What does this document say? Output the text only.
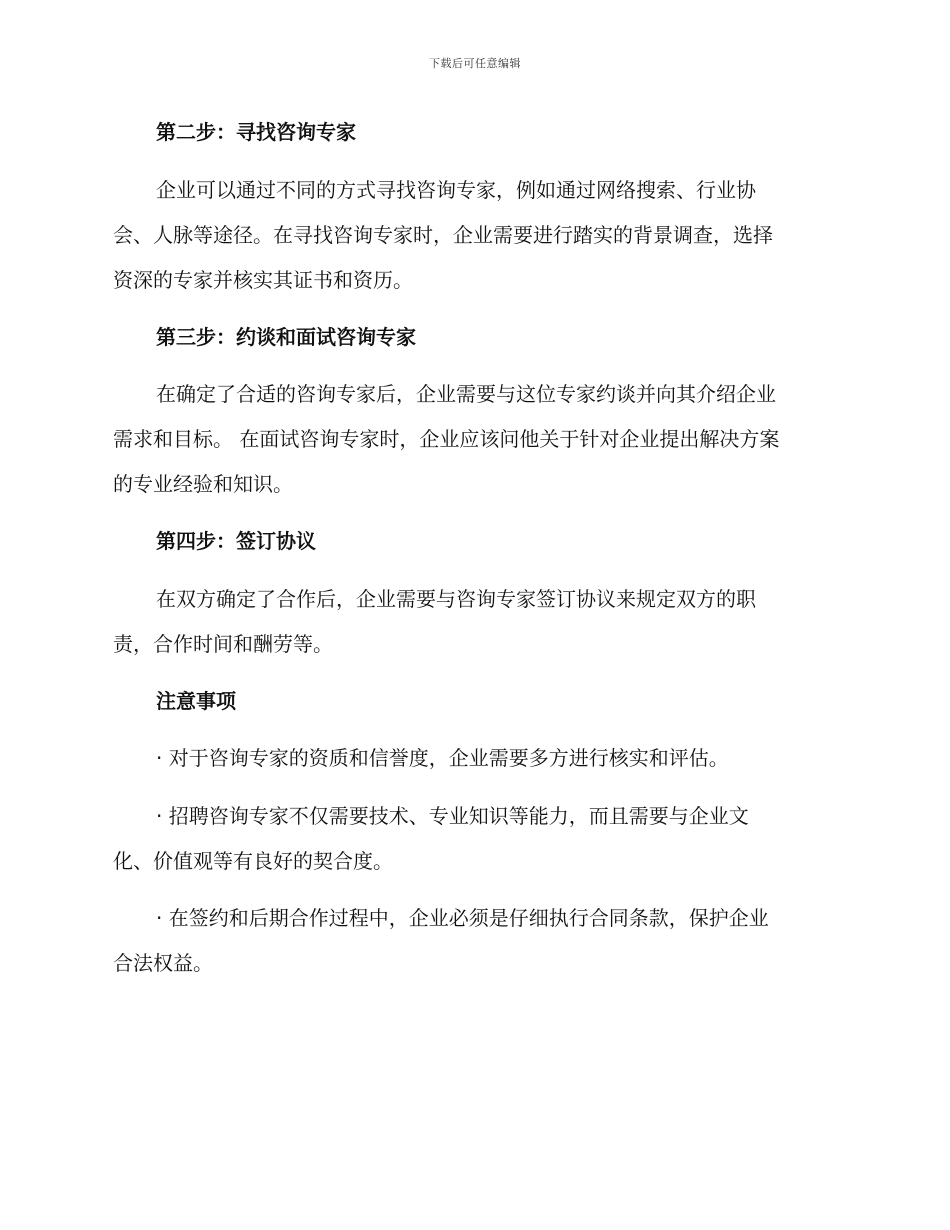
下载后可任意编辑
第二步：寻找咨询专家
企业可以通过不同的方式寻找咨询专家，例如通过网络搜索、行业协
会、人脉等途径。在寻找咨询专家时，企业需要进行踏实的背景调查，选择
资深的专家并核实其证书和资历。
第三步：约谈和面试咨询专家
在确定了合适的咨询专家后，企业需要与这位专家约谈并向其介绍企业
需求和目标。 在面试咨询专家时，企业应该问他关于针对企业提出解决方案
的专业经验和知识。
第四步：签订协议
在双方确定了合作后，企业需要与咨询专家签订协议来规定双方的职
责，合作时间和酬劳等。
注意事项
· 对于咨询专家的资质和信誉度，企业需要多方进行核实和评估。
· 招聘咨询专家不仅需要技术、专业知识等能力，而且需要与企业文
化、价值观等有良好的契合度。
· 在签约和后期合作过程中，企业必须是仔细执行合同条款，保护企业
合法权益。
